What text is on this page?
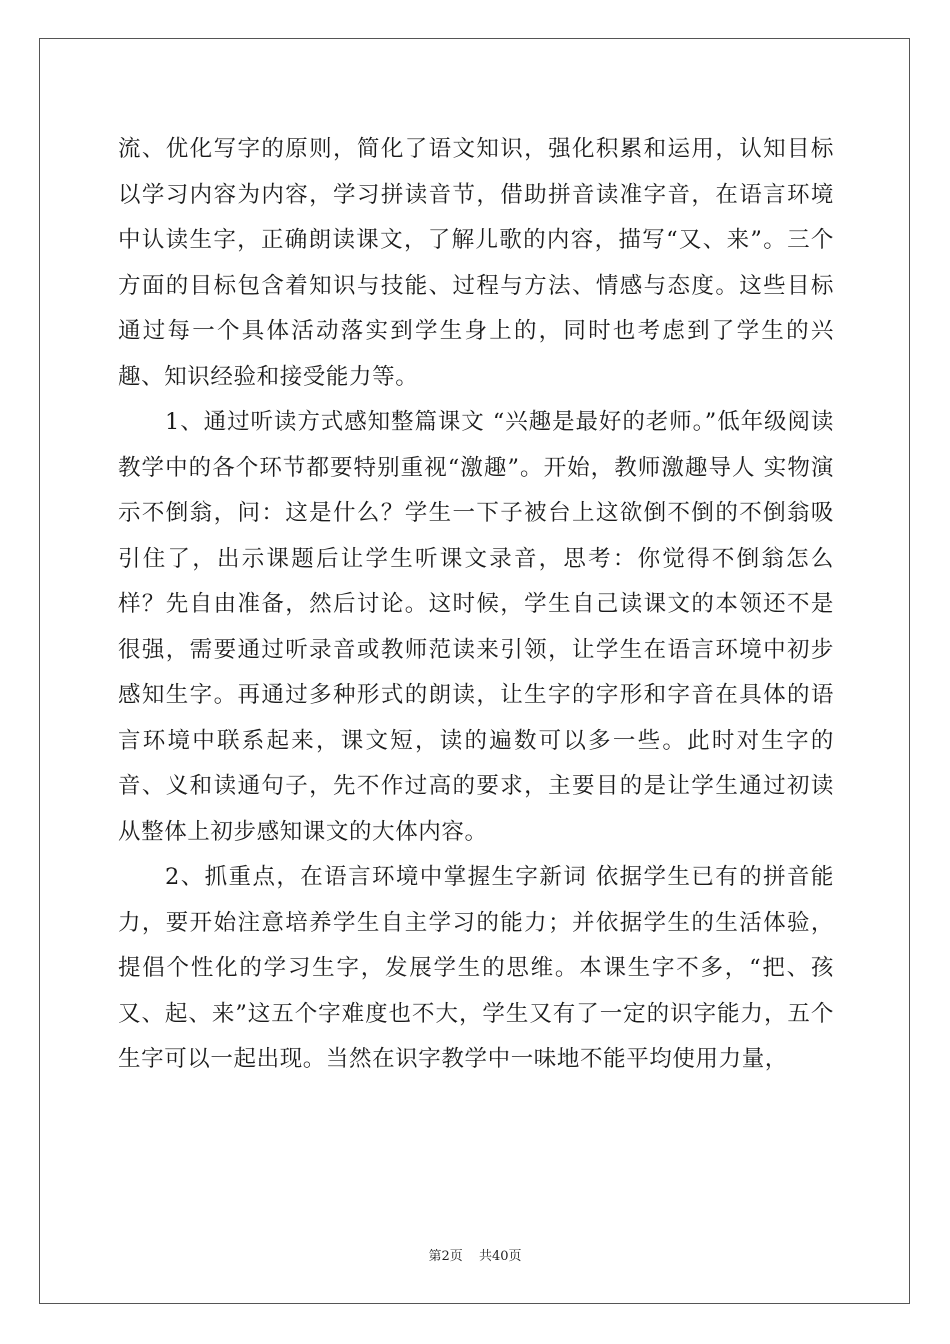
流、优化写字的原则，简化了语文知识，强化积累和运用，认知目标以学习内容为内容，学习拼读音节，借助拼音读准字音，在语言环境中认读生字，正确朗读课文，了解儿歌的内容，描写“又、来”。三个方面的目标包含着知识与技能、过程与方法、情感与态度。这些目标通过每一个具体活动落实到学生身上的，同时也考虑到了学生的兴趣、知识经验和接受能力等。

1、通过听读方式感知整篇课文 “兴趣是最好的老师。”低年级阅读教学中的各个环节都要特别重视“激趣”。开始，教师激趣导人 实物演示不倒翁，问：这是什么？学生一下子被台上这欲倒不倒的不倒翁吸引住了，出示课题后让学生听课文录音，思考：你觉得不倒翁怎么样？先自由准备，然后讨论。这时候，学生自己读课文的本领还不是很强，需要通过听录音或教师范读来引领，让学生在语言环境中初步感知生字。再通过多种形式的朗读，让生字的字形和字音在具体的语言环境中联系起来，课文短，读的遍数可以多一些。此时对生字的音、义和读通句子，先不作过高的要求，主要目的是让学生通过初读从整体上初步感知课文的大体内容。

2、抓重点，在语言环境中掌握生字新词 依据学生已有的拼音能力，要开始注意培养学生自主学习的能力；并依据学生的生活体验，提倡个性化的学习生字，发展学生的思维。本课生字不多，“把、孩又、起、来”这五个字难度也不大，学生又有了一定的识字能力，五个生字可以一起出现。当然在识字教学中一味地不能平均使用力量，

第2页 共40页
